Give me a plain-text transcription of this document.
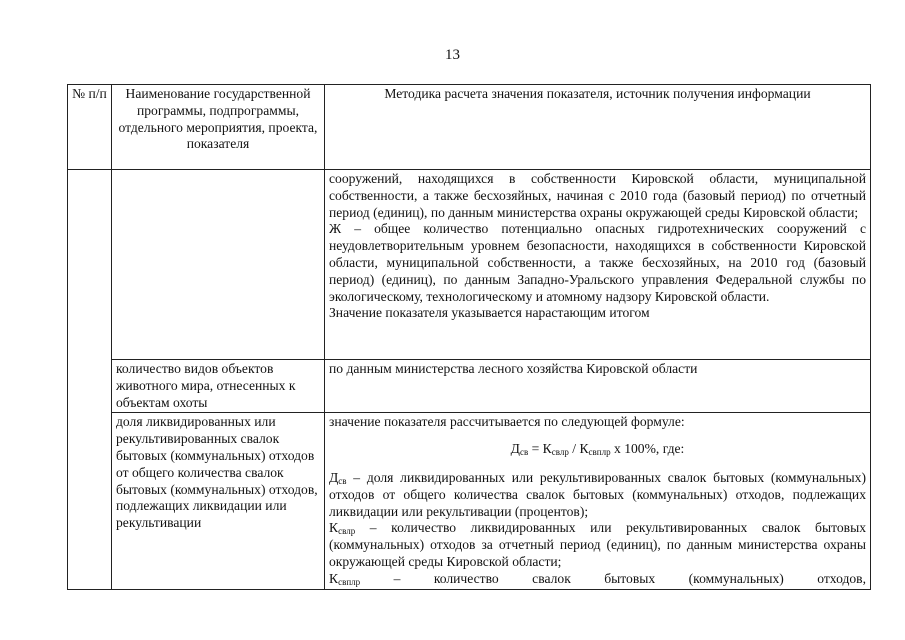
13
№ п/п	Наименование государственной программы, подпрограммы, отдельного мероприятия, проекта, показателя	Методика расчета значения показателя, источник получения информации

		сооружений, находящихся в собственности Кировской области, муниципальной собственности, а также бесхозяйных, начиная с 2010 года (базовый период) по отчетный период (единиц), по данным министерства охраны окружающей среды Кировской области;
Ж – общее количество потенциально опасных гидротехнических сооружений с неудовлетворительным уровнем безопасности, находящихся в собственности Кировской области, муниципальной собственности, а также бесхозяйных, на 2010 год (базовый период) (единиц), по данным Западно-Уральского управления Федеральной службы по экологическому, технологическому и атомному надзору Кировской области.
Значение показателя указывается нарастающим итогом

	количество видов объектов животного мира, отнесенных к объектам охоты	по данным министерства лесного хозяйства Кировской области
	доля ликвидированных или рекультивированных свалок бытовых (коммунальных) отходов от общего количества свалок бытовых (коммунальных) отходов, подлежащих ликвидации или рекультивации	значение показателя рассчитывается по следующей формуле:
$Д_{св} = К_{свлр} / К_{свплр}$ x 100%, где:
$Д_{св}$ – доля ликвидированных или рекультивированных свалок бытовых (коммунальных) отходов от общего количества свалок бытовых (коммунальных) отходов, подлежащих ликвидации или рекультивации (процентов);
$К_{свлр}$ – количество ликвидированных или рекультивированных свалок бытовых (коммунальных) отходов за отчетный период (единиц), по данным министерства охраны окружающей среды Кировской области;
$К_{свплр}$ – количество свалок бытовых (коммунальных) отходов,
